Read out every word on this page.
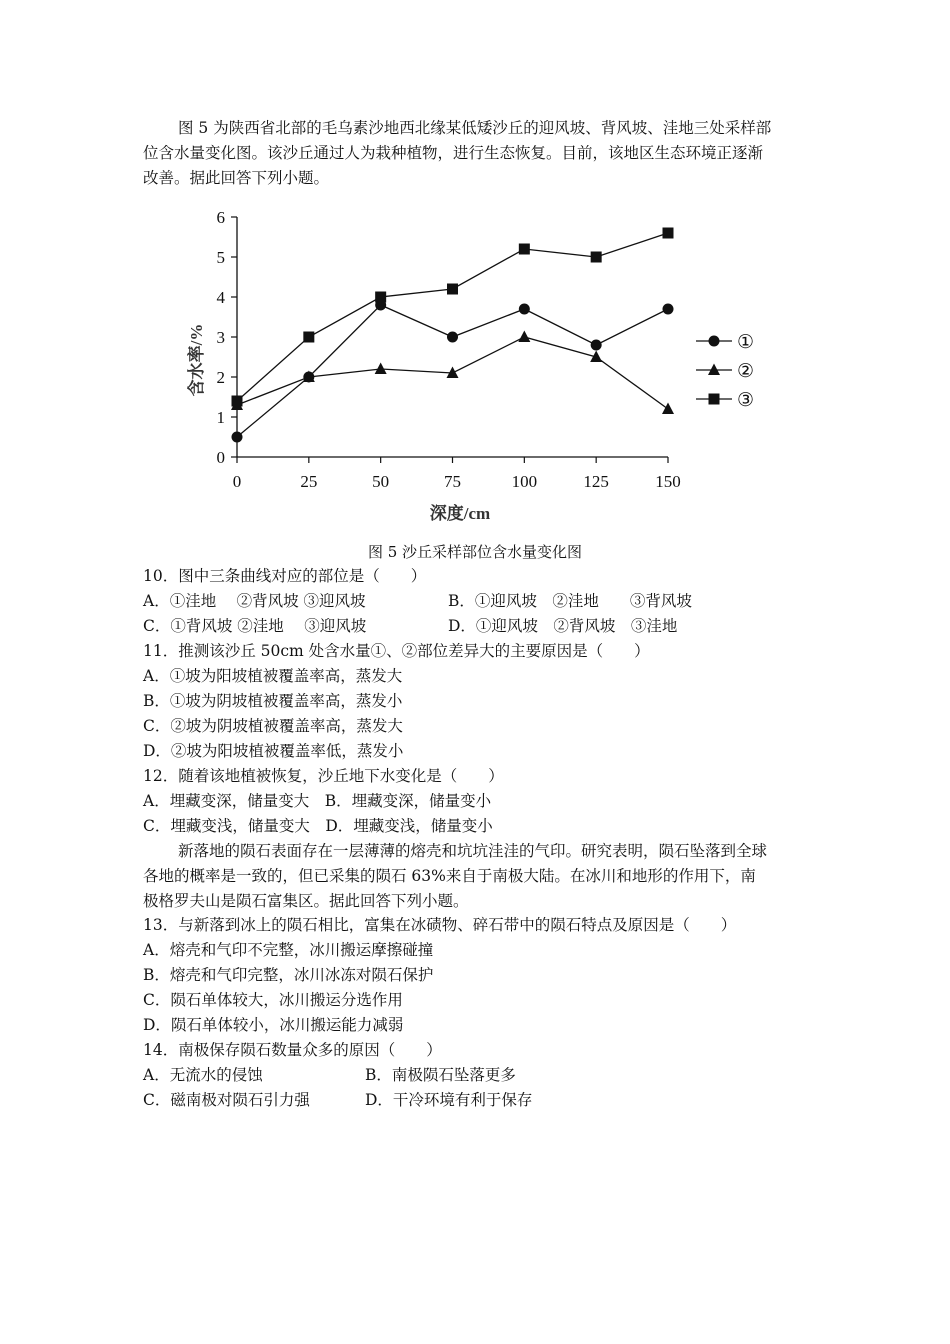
图 5 为陕西省北部的毛乌素沙地西北缘某低矮沙丘的迎风坡、背风坡、洼地三处采样部
位含水量变化图。该沙丘通过人为栽种植物，进行生态恢复。目前，该地区生态环境正逐渐
改善。据此回答下列小题。
0
1
2
3
4
5
6
0	25	50	75	100	125	150
①
②
③
深度/cm
含水率/%
图 5 沙丘采样部位含水量变化图
10．图中三条曲线对应的部位是（　　）
A．①洼地　 ②背风坡 ③迎风坡	B．①迎风坡　②洼地　　③背风坡
C．①背风坡 ②洼地　 ③迎风坡	D．①迎风坡　②背风坡　③洼地
11．推测该沙丘 50cm 处含水量①、②部位差异大的主要原因是（　　）
A．①坡为阳坡植被覆盖率高，蒸发大
B．①坡为阴坡植被覆盖率高，蒸发小
C．②坡为阴坡植被覆盖率高，蒸发大
D．②坡为阳坡植被覆盖率低，蒸发小
12．随着该地植被恢复，沙丘地下水变化是（　　）
A．埋藏变深，储量变大　B．埋藏变深，储量变小
C．埋藏变浅，储量变大　D．埋藏变浅，储量变小
新落地的陨石表面存在一层薄薄的熔壳和坑坑洼洼的气印。研究表明，陨石坠落到全球
各地的概率是一致的，但已采集的陨石 63%来自于南极大陆。在冰川和地形的作用下，南
极格罗夫山是陨石富集区。据此回答下列小题。
13．与新落到冰上的陨石相比，富集在冰碛物、碎石带中的陨石特点及原因是（　　）
A．熔壳和气印不完整，冰川搬运摩擦碰撞
B．熔壳和气印完整，冰川冰冻对陨石保护
C．陨石单体较大，冰川搬运分选作用
D．陨石单体较小，冰川搬运能力减弱
14．南极保存陨石数量众多的原因（　　）
A．无流水的侵蚀	B．南极陨石坠落更多
C．磁南极对陨石引力强	D．干冷环境有利于保存
